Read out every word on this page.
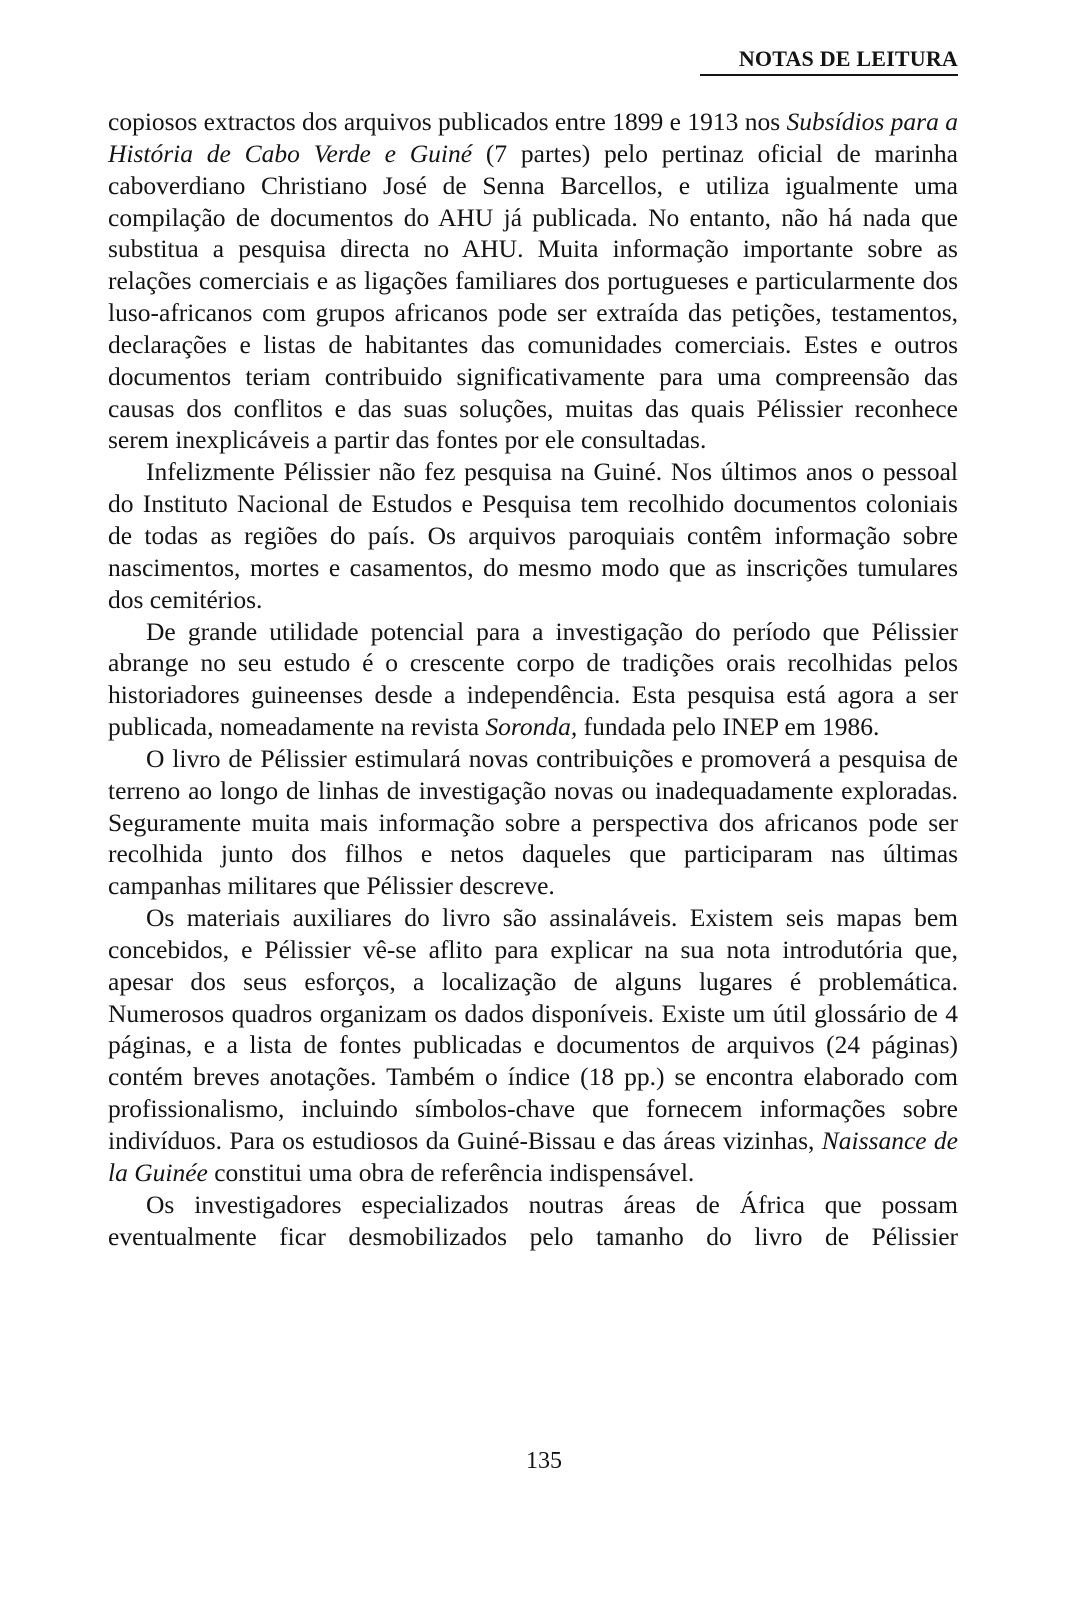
NOTAS DE LEITURA

copiosos extractos dos arquivos publicados entre 1899 e 1913 nos Subsídios para a História de Cabo Verde e Guiné (7 partes) pelo pertinaz oficial de marinha caboverdiano Christiano José de Senna Barcellos, e utiliza igualmente uma compilação de documentos do AHU já publicada. No entanto, não há nada que substitua a pesquisa directa no AHU. Muita informação importante sobre as relações comerciais e as ligações familiares dos portugueses e particularmente dos luso-africanos com grupos africanos pode ser extraída das petições, testamentos, declarações e listas de habitantes das comunidades comerciais. Estes e outros documentos teriam contribuido significativamente para uma compreensão das causas dos conflitos e das suas soluções, muitas das quais Pélissier reconhece serem inexplicáveis a partir das fontes por ele consultadas.

Infelizmente Pélissier não fez pesquisa na Guiné. Nos últimos anos o pessoal do Instituto Nacional de Estudos e Pesquisa tem recolhido documentos coloniais de todas as regiões do país. Os arquivos paroquiais contêm informação sobre nascimentos, mortes e casamentos, do mesmo modo que as inscrições tumulares dos cemitérios.

De grande utilidade potencial para a investigação do período que Pélissier abrange no seu estudo é o crescente corpo de tradições orais recolhidas pelos historiadores guineenses desde a independência. Esta pesquisa está agora a ser publicada, nomeadamente na revista Soronda, fundada pelo INEP em 1986.

O livro de Pélissier estimulará novas contribuições e promoverá a pesquisa de terreno ao longo de linhas de investigação novas ou inadequadamente exploradas. Seguramente muita mais informação sobre a perspectiva dos africanos pode ser recolhida junto dos filhos e netos daqueles que participaram nas últimas campanhas militares que Pélissier descreve.

Os materiais auxiliares do livro são assinaláveis. Existem seis mapas bem concebidos, e Pélissier vê-se aflito para explicar na sua nota introdutória que, apesar dos seus esforços, a localização de alguns lugares é problemática. Numerosos quadros organizam os dados disponíveis. Existe um útil glossário de 4 páginas, e a lista de fontes publicadas e documentos de arquivos (24 páginas) contém breves anotações. Também o índice (18 pp.) se encontra elaborado com profissionalismo, incluindo símbolos-chave que fornecem informações sobre indivíduos. Para os estudiosos da Guiné-Bissau e das áreas vizinhas, Naissance de la Guinée constitui uma obra de referência indispensável.

Os investigadores especializados noutras áreas de África que possam eventualmente ficar desmobilizados pelo tamanho do livro de Pélissier

135
